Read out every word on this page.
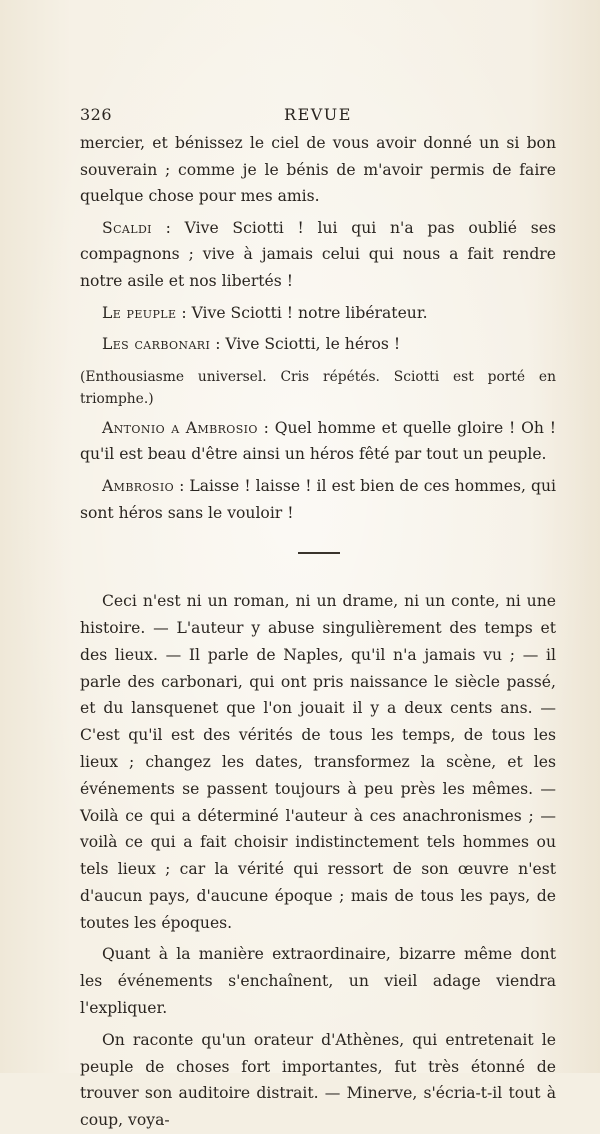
326	REVUE

mercier, et bénissez le ciel de vous avoir donné un si bon souverain ; comme je le bénis de m'avoir permis de faire quelque chose pour mes amis.

Scaldi : Vive Sciotti ! lui qui n'a pas oublié ses compagnons ; vive à jamais celui qui nous a fait rendre notre asile et nos libertés !

Le peuple : Vive Sciotti ! notre libérateur.

Les carbonari : Vive Sciotti, le héros !

(Enthousiasme universel. Cris répétés. Sciotti est porté en triomphe.)

Antonio a Ambrosio : Quel homme et quelle gloire ! Oh ! qu'il est beau d'être ainsi un héros fêté par tout un peuple.

Ambrosio : Laisse ! laisse ! il est bien de ces hommes, qui sont héros sans le vouloir !

Ceci n'est ni un roman, ni un drame, ni un conte, ni une histoire. — L'auteur y abuse singulièrement des temps et des lieux. — Il parle de Naples, qu'il n'a jamais vu ; — il parle des carbonari, qui ont pris naissance le siècle passé, et du lansquenet que l'on jouait il y a deux cents ans. — C'est qu'il est des vérités de tous les temps, de tous les lieux ; changez les dates, transformez la scène, et les événements se passent toujours à peu près les mêmes. — Voilà ce qui a déterminé l'auteur à ces anachronismes ; — voilà ce qui a fait choisir indistinctement tels hommes ou tels lieux ; car la vérité qui ressort de son œuvre n'est d'aucun pays, d'aucune époque ; mais de tous les pays, de toutes les époques.

Quant à la manière extraordinaire, bizarre même dont les événements s'enchaînent, un vieil adage viendra l'expliquer.

On raconte qu'un orateur d'Athènes, qui entretenait le peuple de choses fort importantes, fut très étonné de trouver son auditoire distrait. — Minerve, s'écria-t-il tout à coup, voya-
